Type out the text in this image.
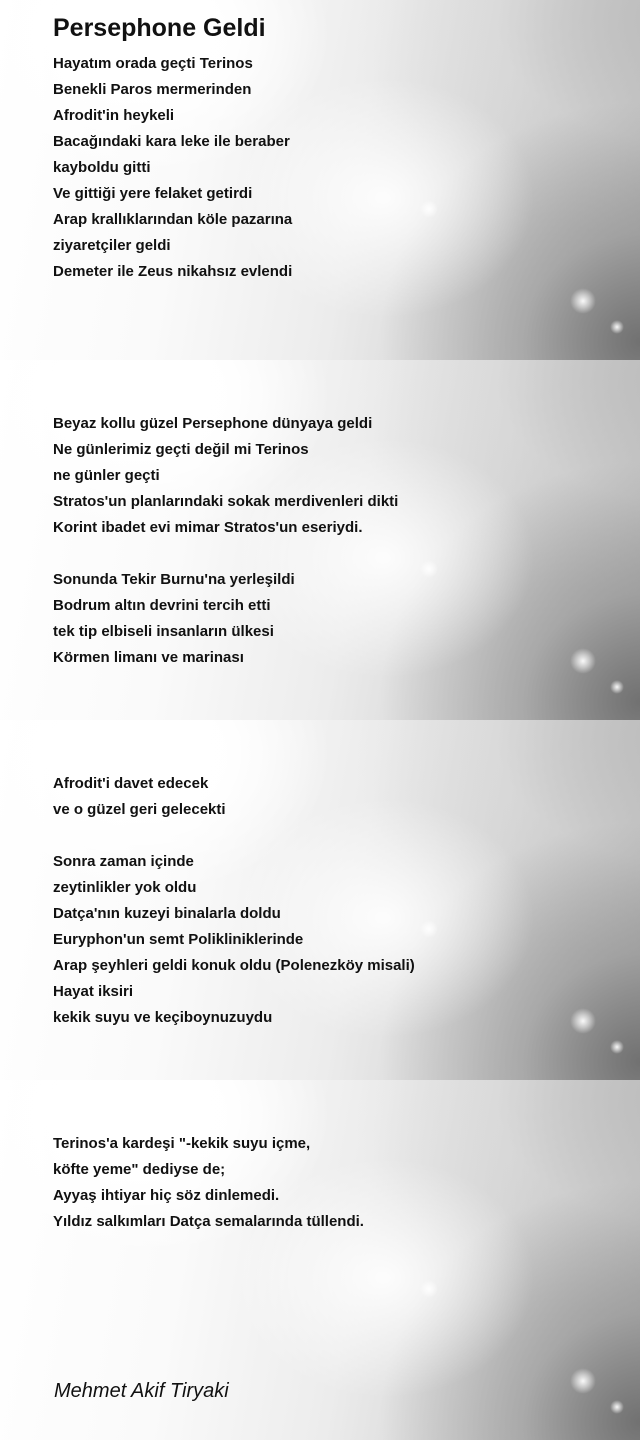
Persephone Geldi
Hayatım orada geçti Terinos
Benekli Paros mermerinden
Afrodit'in heykeli
Bacağındaki kara leke ile beraber
kayboldu gitti
Ve gittiği yere felaket getirdi
Arap krallıklarından köle pazarına
ziyaretçiler geldi
Demeter ile Zeus nikahsız evlendi
Beyaz kollu güzel Persephone dünyaya geldi
Ne günlerimiz geçti değil mi Terinos
ne günler geçti
Stratos'un planlarındaki sokak merdivenleri dikti
Korint ibadet evi mimar Stratos'un eseriydi.
Sonunda Tekir Burnu'na yerleşildi
Bodrum altın devrini tercih etti
tek tip elbiseli insanların ülkesi
Körmen limanı ve marinası
Afrodit'i davet edecek
ve o güzel geri gelecekti
Sonra zaman içinde
zeytinlikler yok oldu
Datça'nın kuzeyi binalarla doldu
Euryphon'un semt Polikliniklerinde
Arap şeyhleri geldi konuk oldu (Polenezköy misali)
Hayat iksiri
kekik suyu ve keçiboynuzuydu
Terinos'a kardeşi "-kekik suyu içme,
köfte yeme" dediyse de;
Ayyaş ihtiyar hiç söz dinlemedi.
Yıldız salkımları Datça semalarında tüllendi.
Mehmet Akif Tiryaki
